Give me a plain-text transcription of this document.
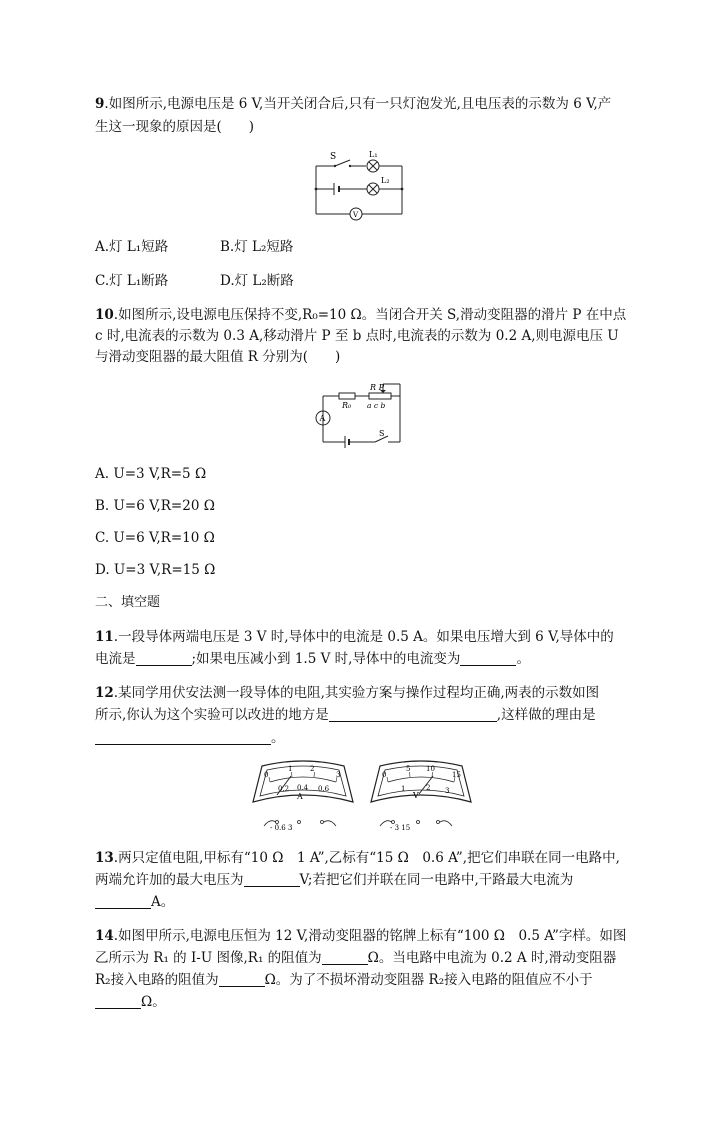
9.如图所示,电源电压是 6 V,当开关闭合后,只有一只灯泡发光,且电压表的示数为 6 V,产
生这一现象的原因是(　　)
S	L₁
L₂
V
A.灯 L₁短路	B.灯 L₂短路
C.灯 L₁断路	D.灯 L₂断路
10.如图所示,设电源电压保持不变,R₀=10 Ω。当闭合开关 S,滑动变阻器的滑片 P 在中点
c 时,电流表的示数为 0.3 A,移动滑片 P 至 b 点时,电流表的示数为 0.2 A,则电源电压 U
与滑动变阻器的最大阻值 R 分别为(　　)
A
R₀
R P
a c b
S
A. U=3 V,R=5 Ω
B. U=6 V,R=20 Ω
C. U=6 V,R=10 Ω
D. U=3 V,R=15 Ω
二、填空题
11.一段导体两端电压是 3 V 时,导体中的电流是 0.5 A。如果电压增大到 6 V,导体中的
电流是	;如果电压减小到 1.5 V 时,导体中的电流变为	。
12.某同学用伏安法测一段导体的电阻,其实验方案与操作过程均正确,两表的示数如图
所示,你认为这个实验可以改进的地方是	,这样做的理由是
。
0
1	2
3
0.2 0.4 0.6
A
- 0.6 3
0
5 10
15
1	2 3
V
- 3 15
13.两只定值电阻,甲标有“10 Ω　1 A”,乙标有“15 Ω　0.6 A”,把它们串联在同一电路中,
两端允许加的最大电压为	V;若把它们并联在同一电路中,干路最大电流为
A。
14.如图甲所示,电源电压恒为 12 V,滑动变阻器的铭牌上标有“100 Ω　0.5 A”字样。如图
乙所示为 R₁ 的 I-U 图像,R₁ 的阻值为	Ω。当电路中电流为 0.2 A 时,滑动变阻器
R₂接入电路的阻值为	Ω。为了不损坏滑动变阻器 R₂接入电路的阻值应不小于
Ω。
